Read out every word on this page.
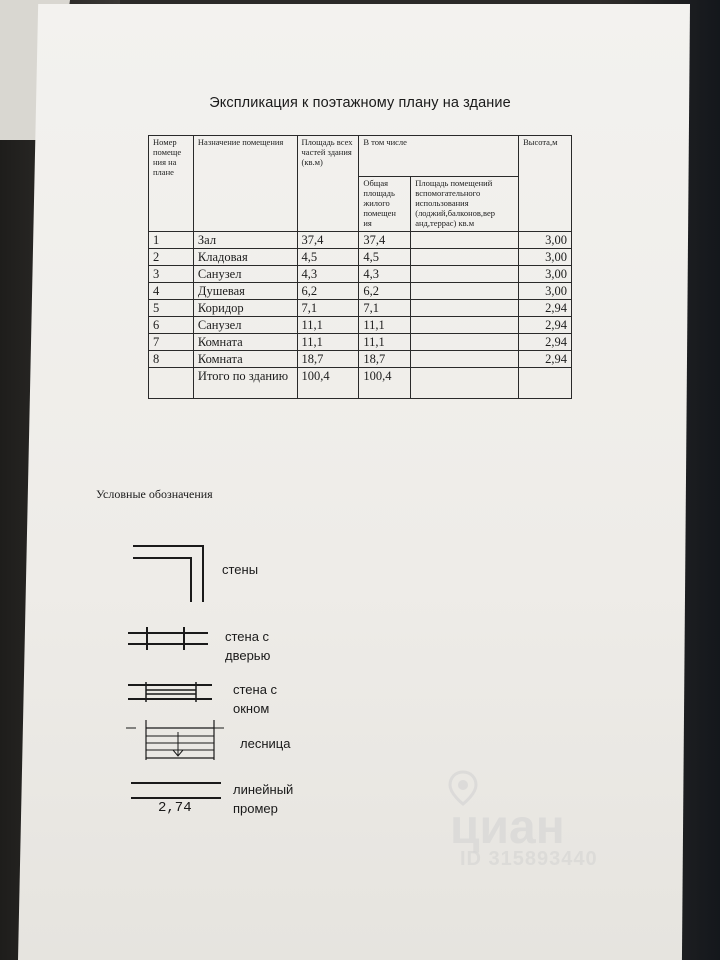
Экспликация к поэтажному плану на здание
Номер помеще ния на плане	Назначение помещения	Площадь всех частей здания (кв.м)	В том числе		Высота,м
			Общая площадь жилого помещен ия	Площадь помещений вспомогательного использования (лоджий,балконов,вер анд,террас) кв.м	
1	Зал	37,4	37,4		3,00
2	Кладовая	4,5	4,5		3,00
3	Санузел	4,3	4,3		3,00
4	Душевая	6,2	6,2		3,00
5	Коридор	7,1	7,1		2,94
6	Санузел	11,1	11,1		2,94
7	Комната	11,1	11,1		2,94
8	Комната	18,7	18,7		2,94
	Итого по зданию	100,4	100,4		
Условные обозначения
стены
стена с дверью
стена с окном
лесница
2,74
линейный промер	циан
ID 315893440
